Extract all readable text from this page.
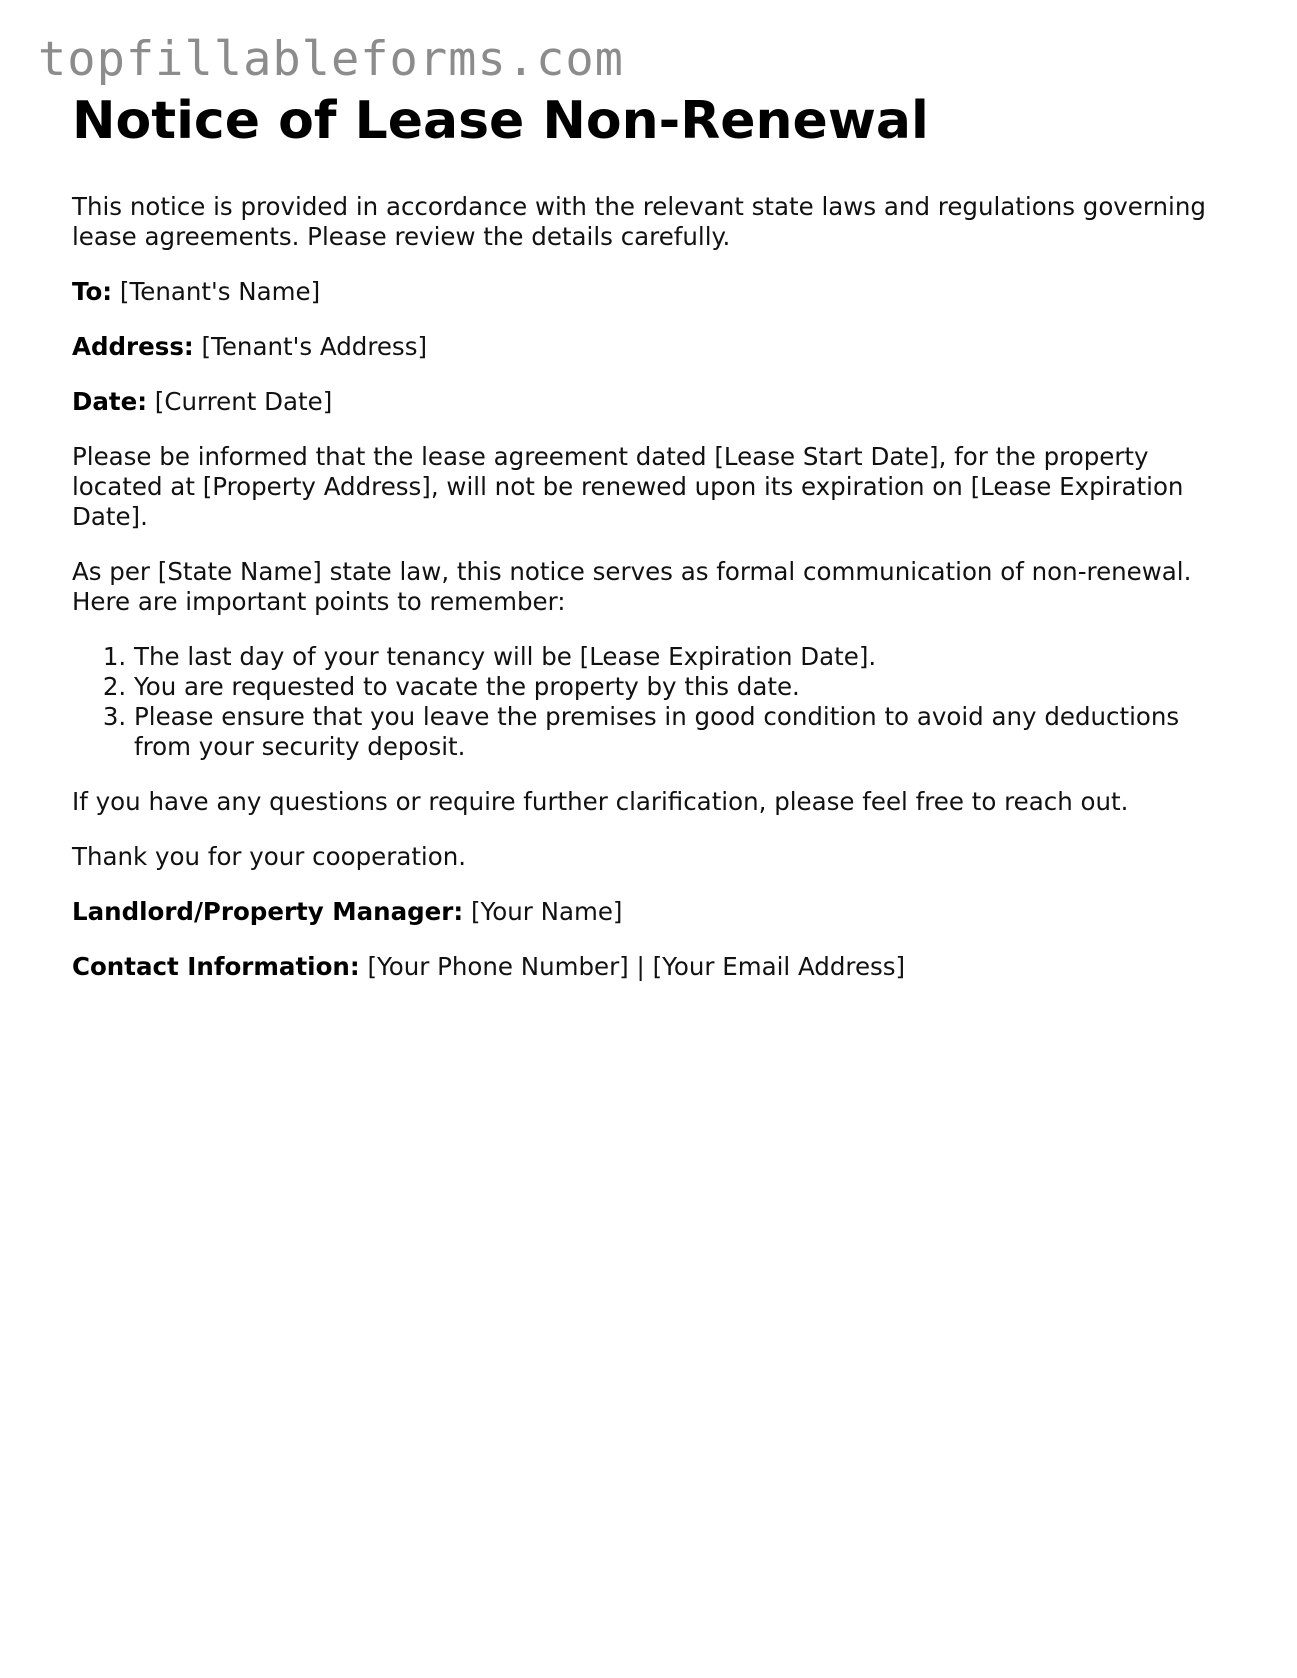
topfillableforms.com
Notice of Lease Non-Renewal

This notice is provided in accordance with the relevant state laws and regulations governing lease agreements. Please review the details carefully.

To: [Tenant's Name]

Address: [Tenant's Address]

Date: [Current Date]

Please be informed that the lease agreement dated [Lease Start Date], for the property located at [Property Address], will not be renewed upon its expiration on [Lease Expiration Date].

As per [State Name] state law, this notice serves as formal communication of non-renewal. Here are important points to remember:

1. The last day of your tenancy will be [Lease Expiration Date].
2. You are requested to vacate the property by this date.
3. Please ensure that you leave the premises in good condition to avoid any deductions from your security deposit.

If you have any questions or require further clarification, please feel free to reach out.

Thank you for your cooperation.

Landlord/Property Manager: [Your Name]

Contact Information: [Your Phone Number] | [Your Email Address]
